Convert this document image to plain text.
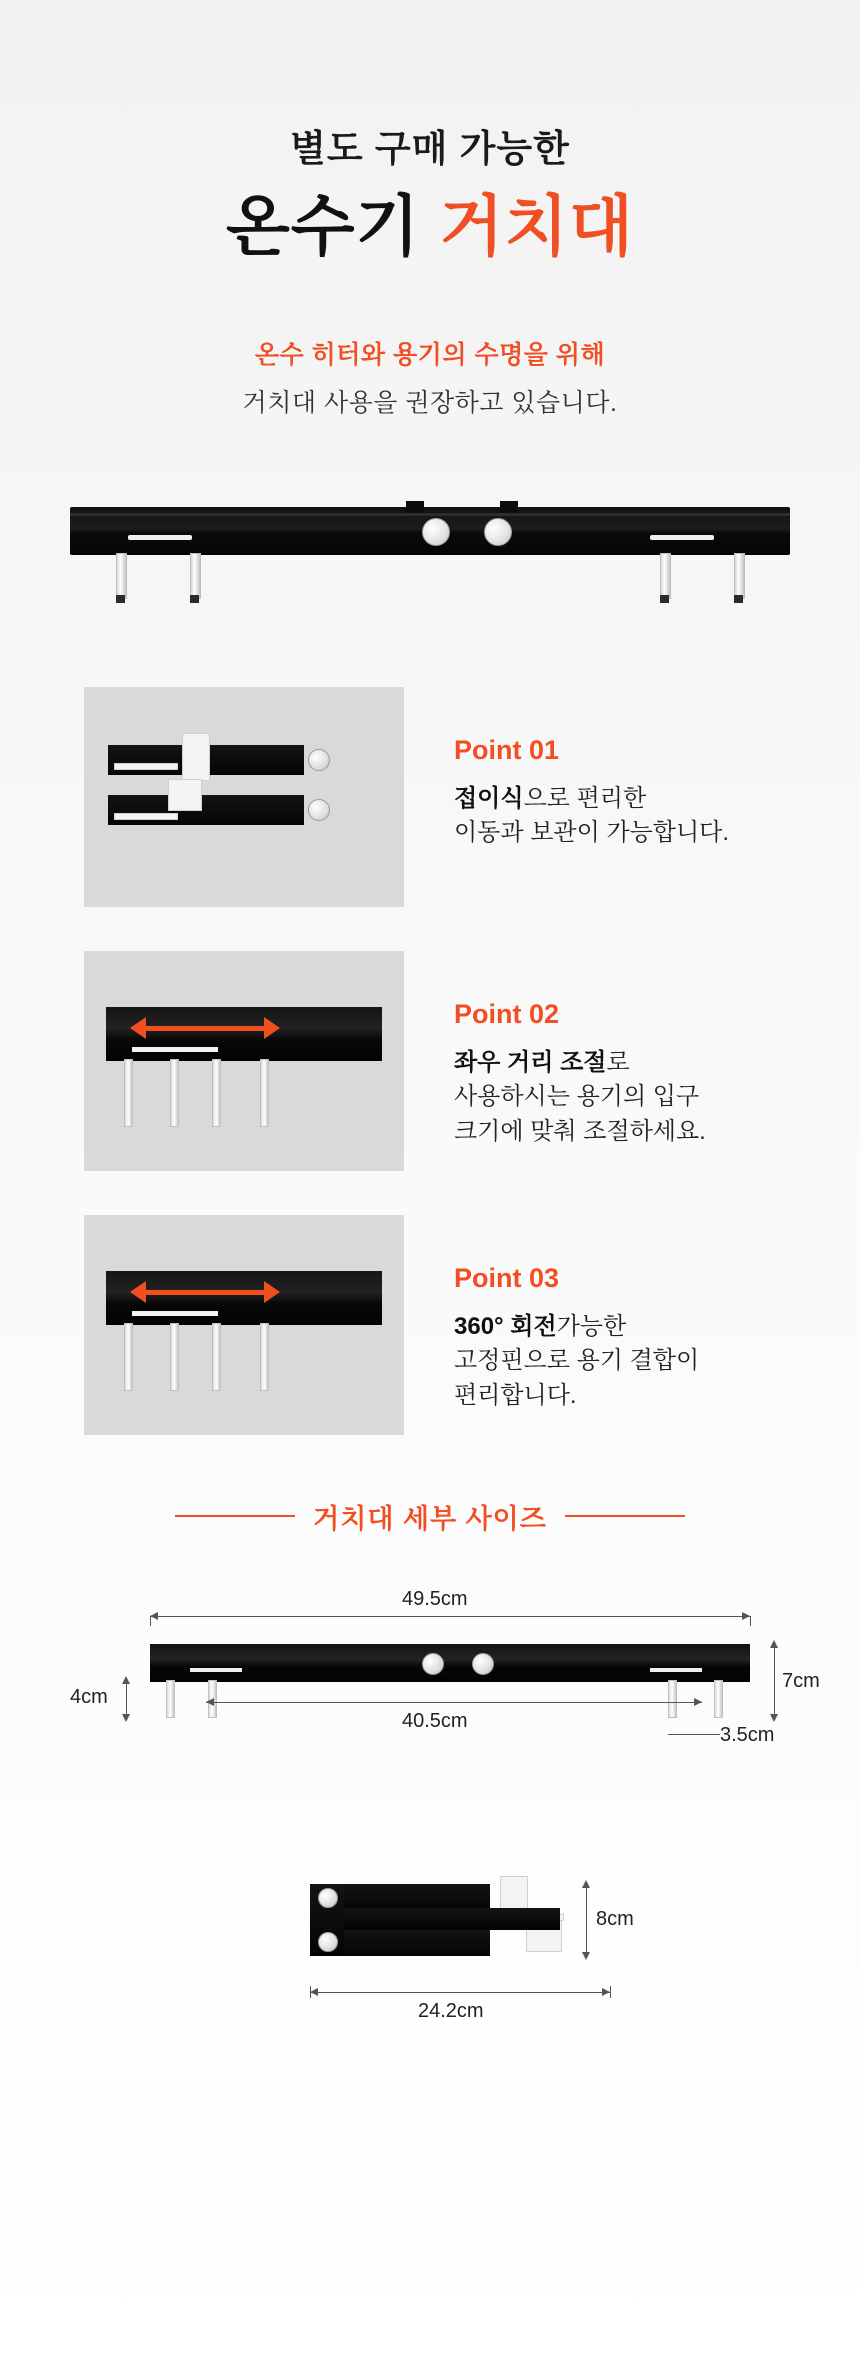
별도 구매 가능한
온수기 거치대
온수 히터와 용기의 수명을 위해
거치대 사용을 권장하고 있습니다.
Point 01
접이식으로 편리한
이동과 보관이 가능합니다.
Point 02
좌우 거리 조절로
사용하시는 용기의 입구
크기에 맞춰 조절하세요.
Point 03
360° 회전가능한
고정핀으로 용기 결합이
편리합니다.
거치대 세부 사이즈
49.5cm
40.5cm
4cm
7cm
3.5cm
8cm
24.2cm
